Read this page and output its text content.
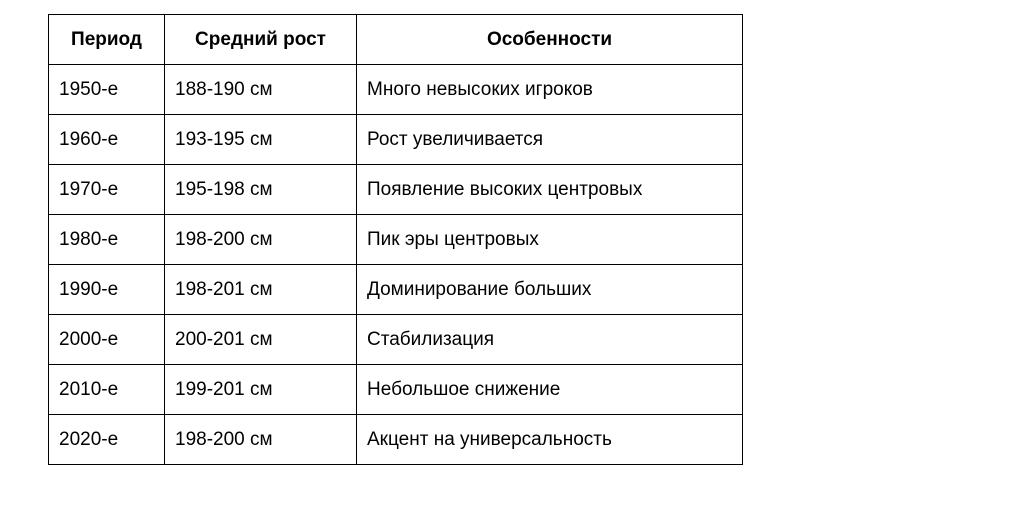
Период	Средний рост	Особенности
1950-е	188-190 см	Много невысоких игроков
1960-е	193-195 см	Рост увеличивается
1970-е	195-198 см	Появление высоких центровых
1980-е	198-200 см	Пик эры центровых
1990-е	198-201 см	Доминирование больших
2000-е	200-201 см	Стабилизация
2010-е	199-201 см	Небольшое снижение
2020-е	198-200 см	Акцент на универсальность
